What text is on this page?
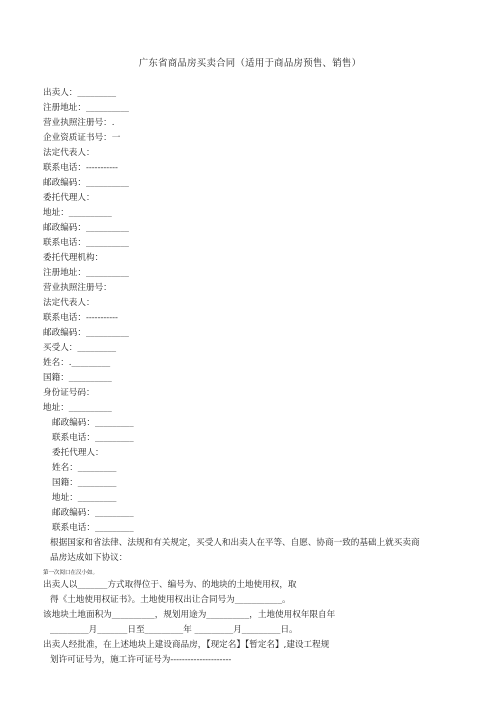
广东省商品房买卖合同（适用于商品房预售、销售）
出卖人：_________
注册地址：__________
营业执照注册号：.
企业资质证书号：一
法定代表人：
联系电话：-----------
邮政编码：__________
委托代理人：
地址：__________
邮政编码：__________
联系电话：__________
委托代理机构：
注册地址：__________
营业执照注册号：
法定代表人：
联系电话：-----------
邮政编码：__________
买受人：_________
姓名：._________
国籍：__________
身份证号码：
地址：__________
邮政编码：_________
联系电话：_________
委托代理人：
姓名：_________
国籍：_________
地址：_________
邮政编码：_________
联系电话：_________
根据国家和省法律、法规和有关规定，买受人和出卖人在平等、自愿、协商一致的基础上就买卖商
品房达成如下协议：
第一次阅口在汉小如。
出卖人以_______方式取得位于、编号为、的地块的土地使用权，取
得《土地使用权证书》。土地使用权出让合同号为___________。
该地块土地面积为__________，规划用途为__________，土地使用权年限自年
_________月_______日至_________年 _________月_________日。
出卖人经批准，在上述地块上建设商品房，【现定名】【暂定名】,建设工程规
划许可证号为，施工许可证号为---------------------
